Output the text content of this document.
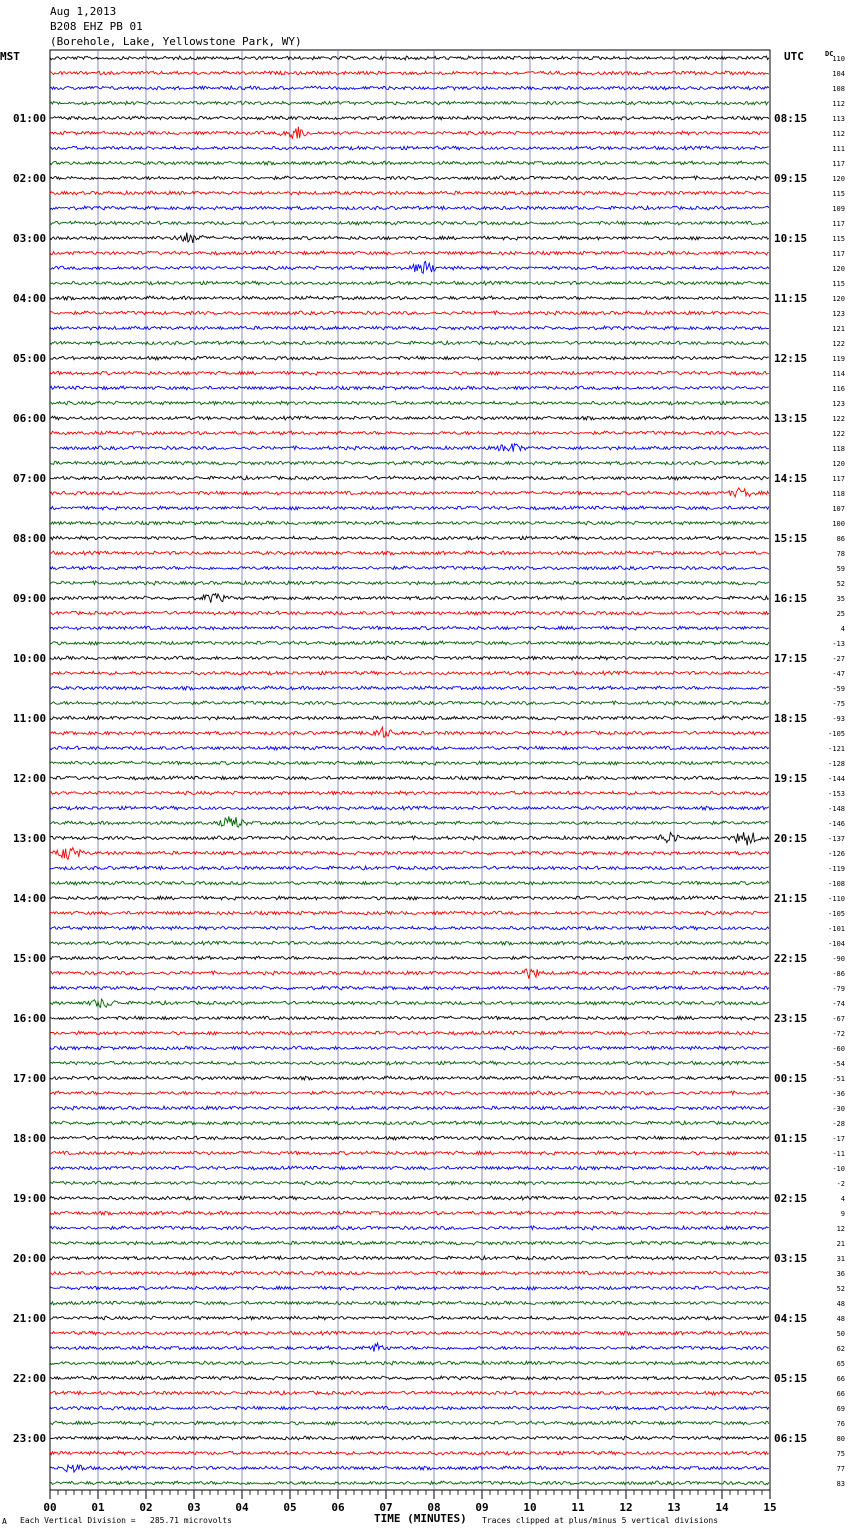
Aug 1,2013
B208 EHZ PB 01
(Borehole, Lake, Yellowstone Park, WY)
MST	UTC	DC
110
104
108
112
113
112
111
117
120
115
109
117
115
117
120
115
120
123
121
122
119
114
116
123
122
122
118
120
117
118
107
100
86
78
59
52
35
25
4
-13
-27
-47
-59
-75
-93
-105
-121
-128
-144
-153
-148
-146
-137
-126
-119
-108
-110
-105
-101
-104
-90
-86
-79
-74
-67
-72
-60
-54
-51
-36
-30
-28
-17
-11
-10
-2
4
9
12
21
31
36
52
48
48
50
62
65
66
66
69
76
80
75
77
83
01:00
02:00
03:00
04:00
05:00
06:00
07:00
08:00
09:00
10:00
11:00
12:00
13:00
14:00
15:00
16:00
17:00
18:00
19:00
20:00
21:00
22:00
23:00
08:15
09:15
10:15
11:15
12:15
13:15
14:15
15:15
16:15
17:15
18:15
19:15
20:15
21:15
22:15
23:15
00:15
01:15
02:15
03:15
04:15
05:15
06:15
00	01	02	03	04	05	06	07	08	09	10	11	12	13	14	15
A Each Vertical Division =   285.71 microvolts	TIME (MINUTES) Traces clipped at plus/minus 5 vertical divisions
